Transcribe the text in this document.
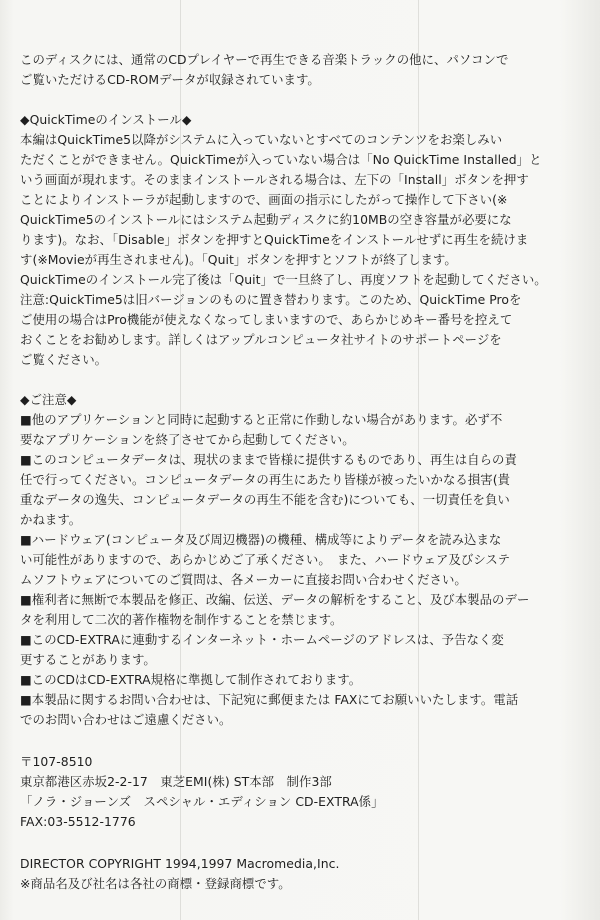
このディスクには、通常のCDプレイヤーで再生できる音楽トラックの他に、パソコンで

ご覧いただけるCD-ROMデータが収録されています。

◆QuickTimeのインストール◆

本編はQuickTime5以降がシステムに入っていないとすべてのコンテンツをお楽しみい

ただくことができません。QuickTimeが入っていない場合は「No QuickTime Installed」と

いう画面が現れます。そのままインストールされる場合は、左下の「Install」ボタンを押す

ことによりインストーラが起動しますので、画面の指示にしたがって操作して下さい(※

QuickTime5のインストールにはシステム起動ディスクに約10MBの空き容量が必要にな

ります)。なお、「Disable」ボタンを押すとQuickTimeをインストールせずに再生を続けま

す(※Movieが再生されません)。「Quit」ボタンを押すとソフトが終了します。

QuickTimeのインストール完了後は「Quit」で一旦終了し、再度ソフトを起動してください。

注意:QuickTime5は旧バージョンのものに置き替わります。このため、QuickTime Proを

ご使用の場合はPro機能が使えなくなってしまいますので、あらかじめキー番号を控えて

おくことをお勧めします。詳しくはアップルコンピュータ社サイトのサポートページを

ご覧ください。

◆ご注意◆

■他のアプリケーションと同時に起動すると正常に作動しない場合があります。必ず不

要なアプリケーションを終了させてから起動してください。

■このコンピュータデータは、現状のままで皆様に提供するものであり、再生は自らの責

任で行ってください。コンピュータデータの再生にあたり皆様が被ったいかなる損害(貴

重なデータの逸失、コンピュータデータの再生不能を含む)についても、一切責任を負い

かねます。

■ハードウェア(コンピュータ及び周辺機器)の機種、構成等によりデータを読み込まな

い可能性がありますので、あらかじめご了承ください。　また、ハードウェア及びシステ

ムソフトウェアについてのご質問は、各メーカーに直接お問い合わせください。

■権利者に無断で本製品を修正、改編、伝送、データの解析をすること、及び本製品のデー

タを利用して二次的著作権物を制作することを禁じます。

■このCD-EXTRAに連動するインターネット・ホームページのアドレスは、予告なく変

更することがあります。

■このCDはCD-EXTRA規格に準拠して制作されております。

■本製品に関するお問い合わせは、下記宛に郵便または FAXにてお願いいたします。電話

でのお問い合わせはご遠慮ください。

〒107-8510

東京都港区赤坂2-2-17　東芝EMI(株) ST本部　制作3部

「ノラ・ジョーンズ　スペシャル・エディション CD-EXTRA係」

FAX:03-5512-1776

DIRECTOR COPYRIGHT 1994,1997 Macromedia,Inc.

※商品名及び社名は各社の商標・登録商標です。
